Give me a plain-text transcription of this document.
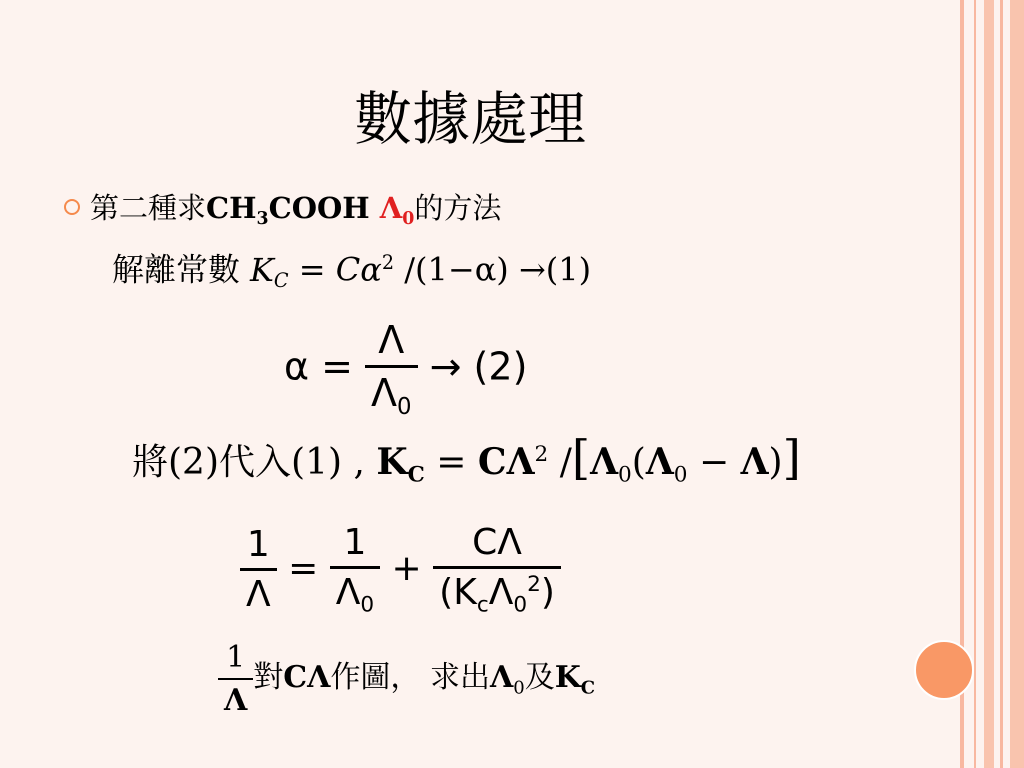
數據處理
第二種求$CH_3COOH$ $\Lambda_0$的方法
解離常數 $K_C = C\alpha^2$ /(1−α) →(1)
$\alpha = \frac{\Lambda}{\Lambda_0} \to (2)$
將(2)代入(1) , $K_C = C\Lambda^2$ $/[\Lambda_0(\Lambda_0 - \Lambda)]$
$\frac{1}{\Lambda} = \frac{1}{\Lambda_0} + \frac{C\Lambda}{(K_c\Lambda_0^2)}$
$\frac{1}{\Lambda}$ 對CΛ作圖， 求出$\Lambda_0$及$K_C$
